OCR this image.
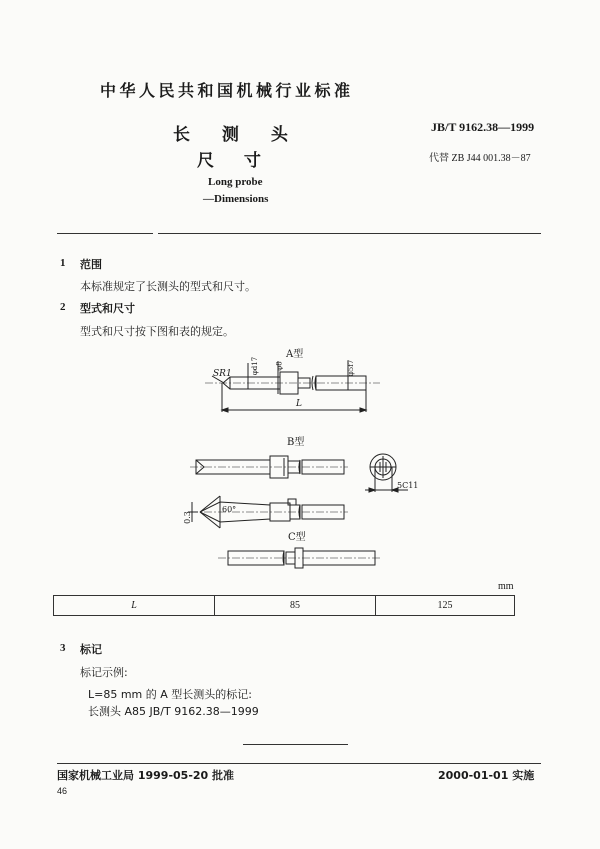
中华人民共和国机械行业标准
长 测 头
尺 寸
Long probe
—Dimensions
JB/T 9162.38—1999
代替 ZB J44 001.38－87
1 范围
本标准规定了长测头的型式和尺寸。
2 型式和尺寸
型式和尺寸按下图和表的规定。
A型
SR1	φd17 φ8	φ5f7
L
B型
60°
0.3
5C11
C型
mm
L	85	125
3 标记
标记示例:
L=85 mm 的 A 型长测头的标记:
长测头 A85 JB/T 9162.38—1999
国家机械工业局 1999-05-20 批准	2000-01-01 实施
46
